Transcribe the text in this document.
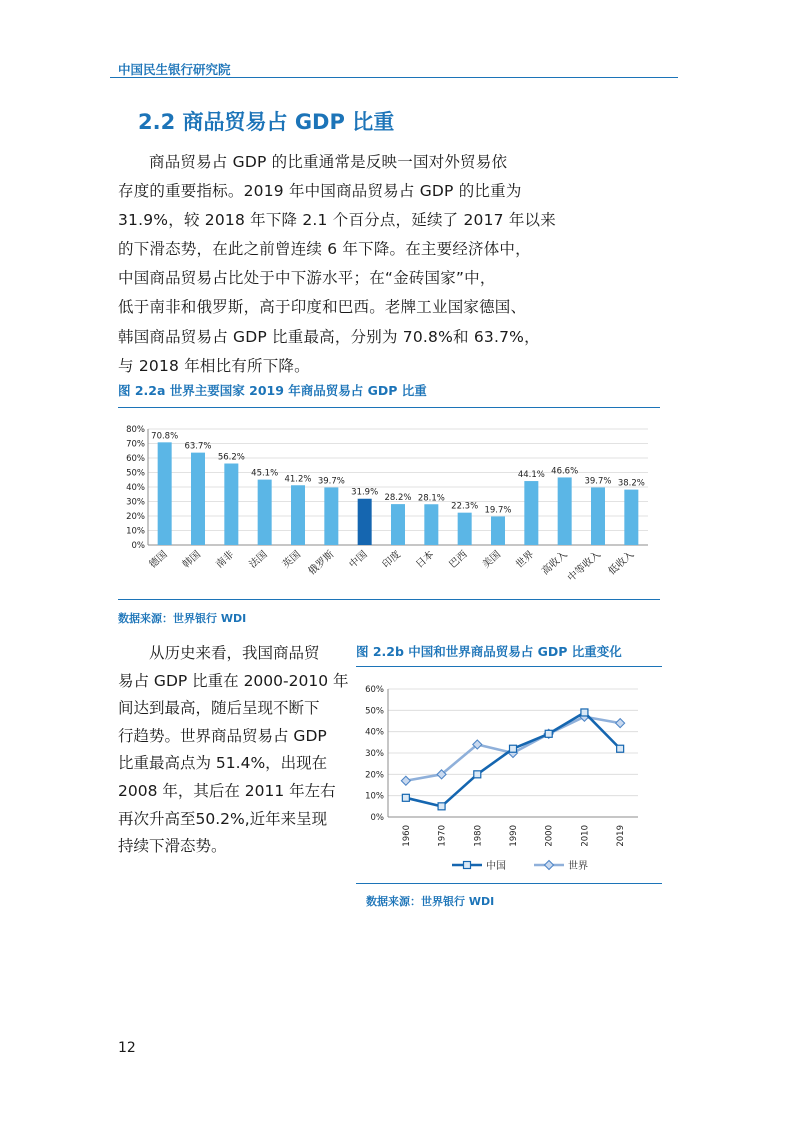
中国民生银行研究院
2.2 商品贸易占 GDP 比重

商品贸易占 GDP 的比重通常是反映一国对外贸易依

存度的重要指标。2019 年中国商品贸易占 GDP 的比重为

31.9%，较 2018 年下降 2.1 个百分点，延续了 2017 年以来

的下滑态势，在此之前曾连续 6 年下降。在主要经济体中，

中国商品贸易占比处于中下游水平；在“金砖国家”中，

低于南非和俄罗斯，高于印度和巴西。老牌工业国家德国、

韩国商品贸易占 GDP 比重最高，分别为 70.8%和 63.7%，

与 2018 年相比有所下降。

图 2.2a 世界主要国家 2019 年商品贸易占 GDP 比重
0%
10%
20%
30%
40%
50%
60%
70%
80%
70.8%
德国
63.7%
韩国
56.2%
南非
45.1%
法国
41.2%
英国
39.7%
俄罗斯
31.9%
中国
28.2%
印度
28.1%
日本
22.3%
巴西
19.7%
美国
44.1%
世界
46.6%
高收入
39.7%
中等收入
38.2%
低收入
数据来源：世界银行 WDI

从历史来看，我国商品贸

易占 GDP 比重在 2000-2010 年

间达到最高，随后呈现不断下

行趋势。世界商品贸易占 GDP

比重最高点为 51.4%，出现在

2008 年，其后在 2011 年左右

再次升高至50.2%,近年来呈现

持续下滑态势。

图 2.2b 中国和世界商品贸易占 GDP 比重变化
0%
10%
20%
30%
40%
50%
60%
1960	1970	1980	1990	2000	2010	2019
中国	世界
数据来源：世界银行 WDI
12
